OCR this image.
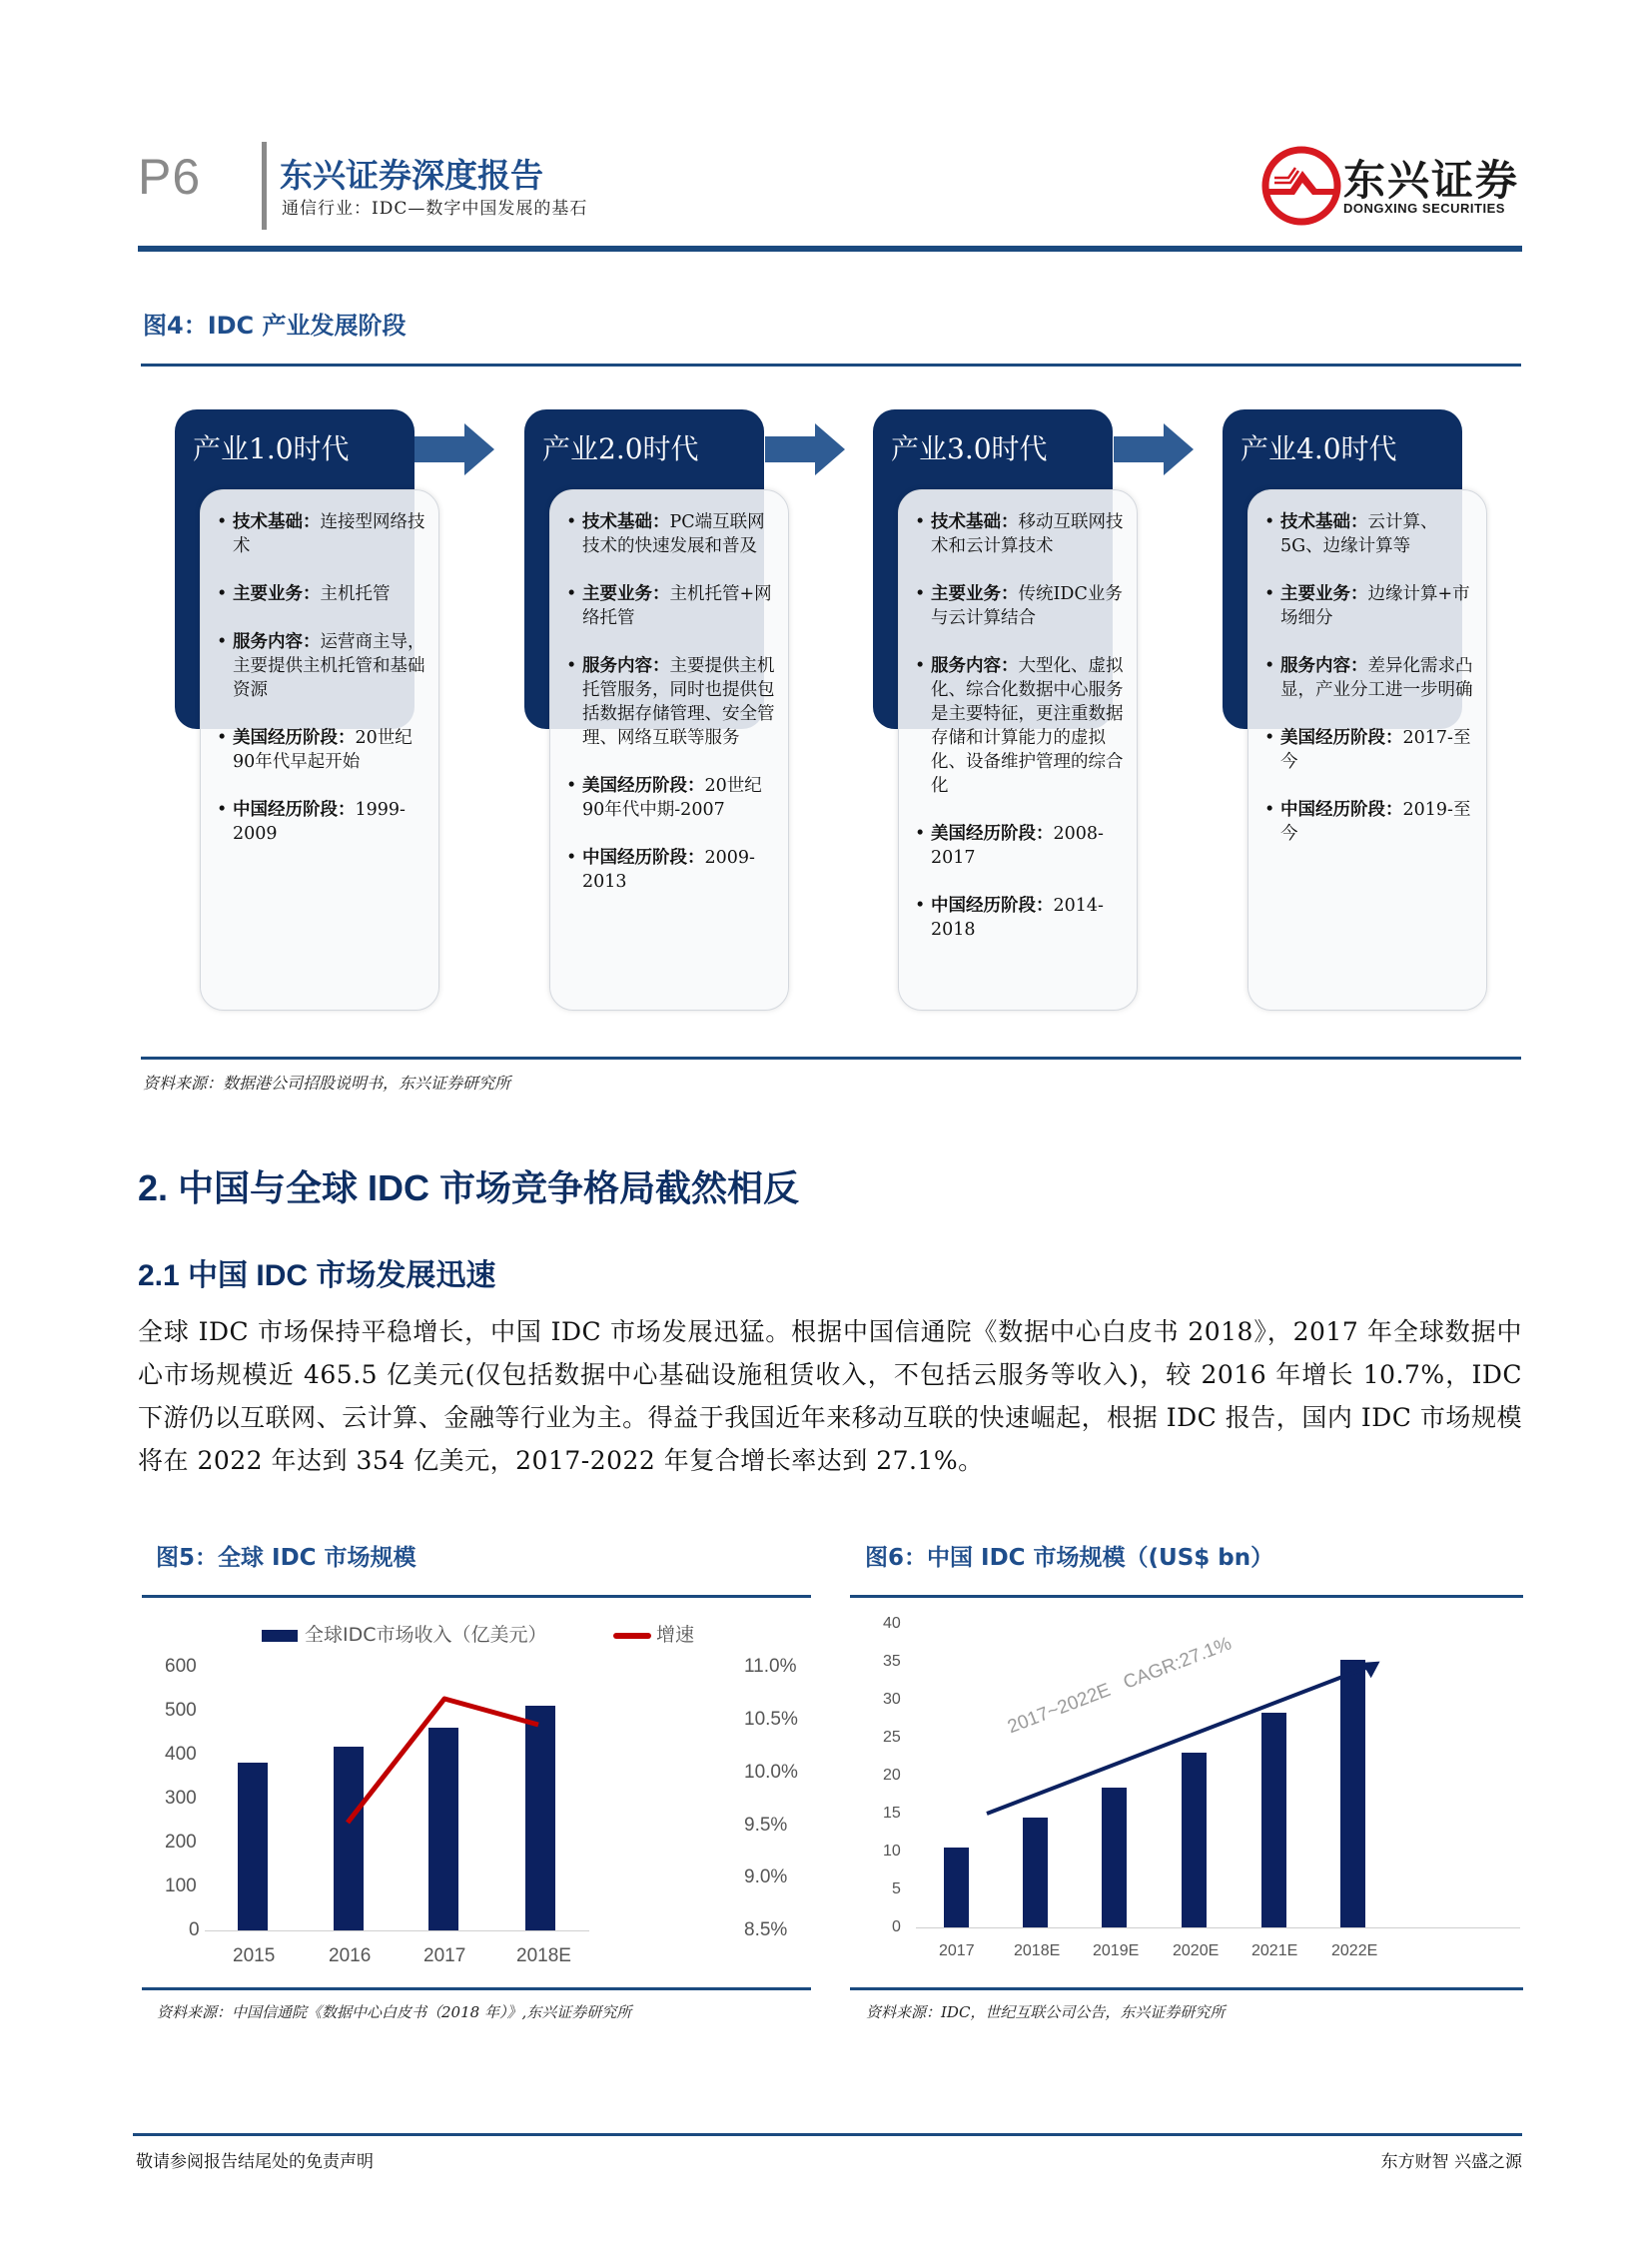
P6 东兴证券深度报告
通信行业：IDC—数字中国发展的基石
东兴证券
DONGXING SECURITIES
图4：IDC 产业发展阶段
产业1.0时代
• 技术基础：连接型网络技术
• 主要业务：主机托管
• 服务内容：运营商主导，主要提供主机托管和基础资源
• 美国经历阶段：20世纪90年代早起开始
• 中国经历阶段：1999-2009
产业2.0时代
• 技术基础：PC端互联网技术的快速发展和普及
• 主要业务：主机托管+网络托管
• 服务内容：主要提供主机托管服务，同时也提供包括数据存储管理、安全管理、网络互联等服务
• 美国经历阶段：20世纪90年代中期-2007
• 中国经历阶段：2009-2013
产业3.0时代
• 技术基础：移动互联网技术和云计算技术
• 主要业务：传统IDC业务与云计算结合
• 服务内容：大型化、虚拟化、综合化数据中心服务是主要特征，更注重数据存储和计算能力的虚拟化、设备维护管理的综合化
• 美国经历阶段：2008-2017
• 中国经历阶段：2014-2018
产业4.0时代
• 技术基础：云计算、5G、边缘计算等
• 主要业务：边缘计算+市场细分
• 服务内容：差异化需求凸显，产业分工进一步明确
• 美国经历阶段：2017-至今
• 中国经历阶段：2019-至今
资料来源：数据港公司招股说明书，东兴证券研究所
2. 中国与全球 IDC 市场竞争格局截然相反
2.1 中国 IDC 市场发展迅速
全球 IDC 市场保持平稳增长，中国 IDC 市场发展迅猛。根据中国信通院《数据中心白皮书 2018》，2017 年全球数据中心市场规模近 465.5 亿美元(仅包括数据中心基础设施租赁收入，不包括云服务等收入)，较 2016 年增长 10.7%，IDC 下游仍以互联网、云计算、金融等行业为主。得益于我国近年来移动互联的快速崛起，根据 IDC 报告，国内 IDC 市场规模将在 2022 年达到 354 亿美元，2017-2022 年复合增长率达到 27.1%。
图5：全球 IDC 市场规模
全球IDC市场收入（亿美元）	增速
600
500
400
300
200
100
0
11.0%
10.5%
10.0%
9.5%
9.0%
8.5%
2015	2016	2017	2018E
资料来源：中国信通院《数据中心白皮书（2018 年）》,东兴证券研究所
图6：中国 IDC 市场规模（(US$ bn）
40
35
30
25
20
15
10
5
0
2017~2022E   CAGR:27.1%
2017 2018E 2019E 2020E 2021E 2022E
资料来源：IDC，世纪互联公司公告，东兴证券研究所
敬请参阅报告结尾处的免责声明	东方财智 兴盛之源
